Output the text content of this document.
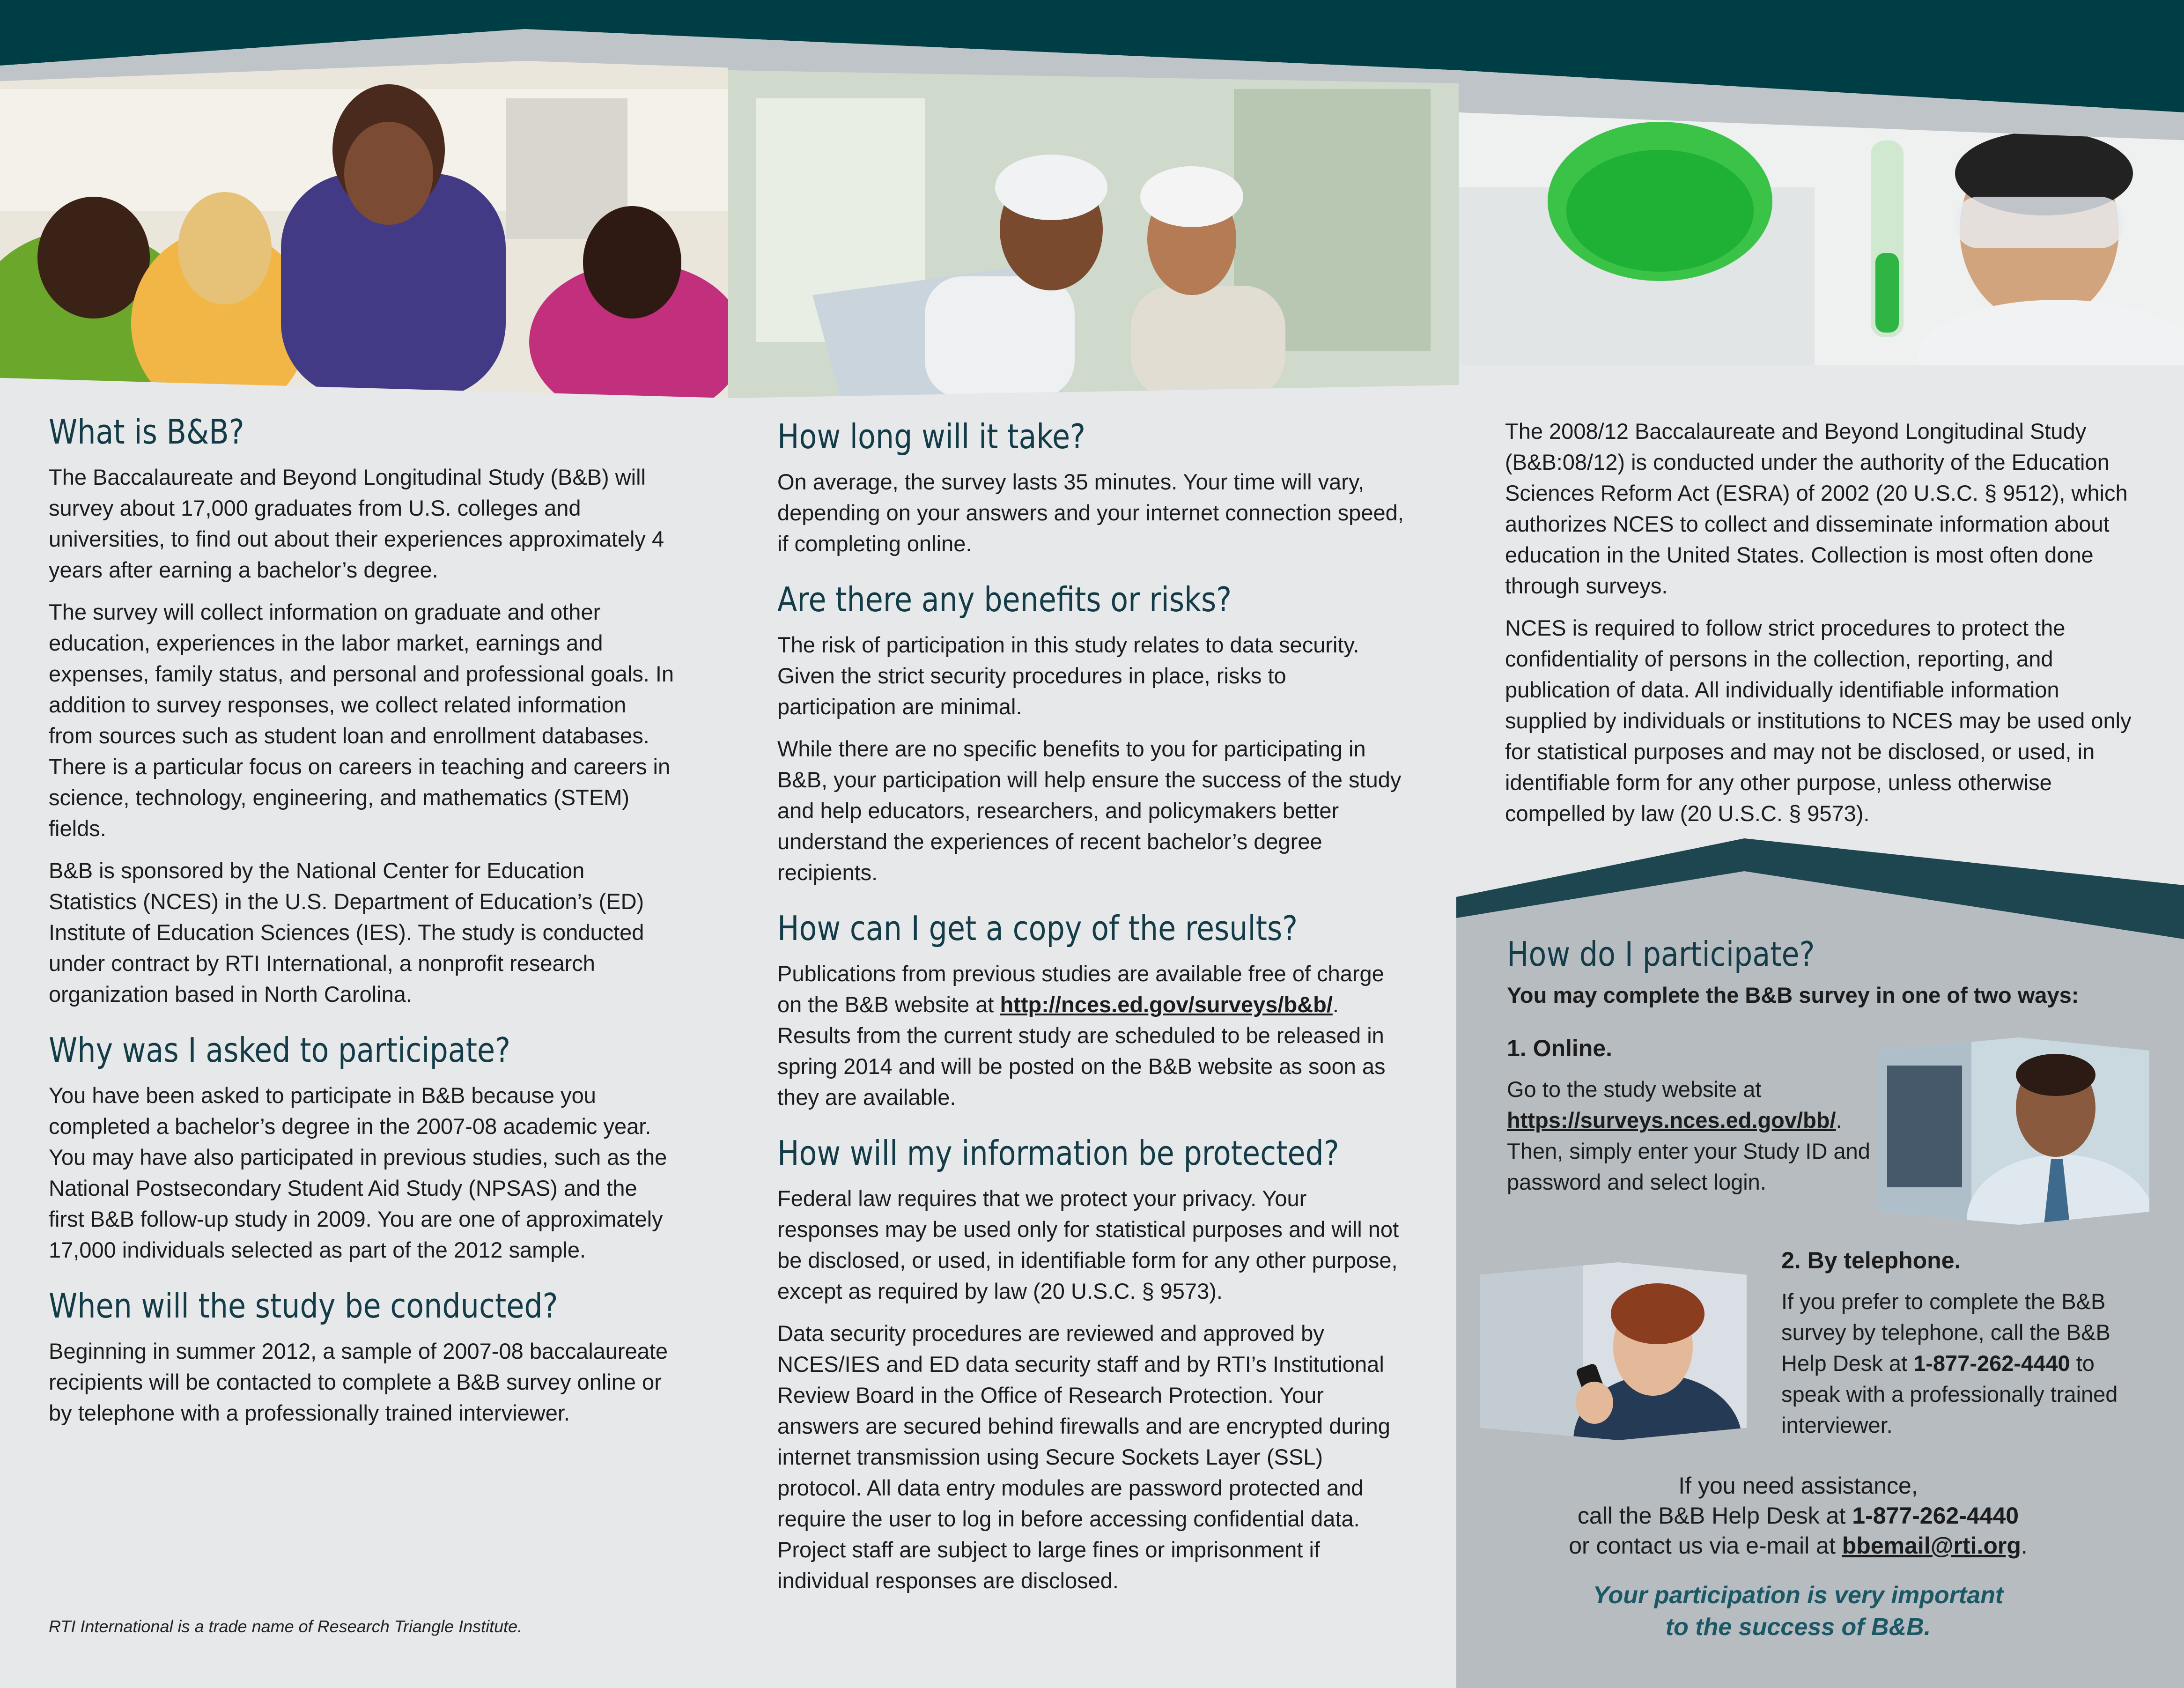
What is B&B?

The Baccalaureate and Beyond Longitudinal Study (B&B) will survey about 17,000 graduates from U.S. colleges and universities, to find out about their experiences approximately 4 years after earning a bachelor’s degree.

The survey will collect information on graduate and other education, experiences in the labor market, earnings and expenses, family status, and personal and professional goals. In addition to survey responses, we collect related information from sources such as student loan and enrollment databases. There is a particular focus on careers in teaching and careers in science, technology, engineering, and mathematics (STEM) fields.

B&B is sponsored by the National Center for Education Statistics (NCES) in the U.S. Department of Education’s (ED) Institute of Education Sciences (IES). The study is conducted under contract by RTI International, a nonprofit research organization based in North Carolina.

Why was I asked to participate?

You have been asked to participate in B&B because you completed a bachelor’s degree in the 2007-08 academic year. You may have also participated in previous studies, such as the National Postsecondary Student Aid Study (NPSAS) and the first B&B follow-up study in 2009. You are one of approximately 17,000 individuals selected as part of the 2012 sample.

When will the study be conducted?

Beginning in summer 2012, a sample of 2007-08 baccalaureate recipients will be contacted to complete a B&B survey online or by telephone with a professionally trained interviewer.

RTI International is a trade name of Research Triangle Institute.
How long will it take?

On average, the survey lasts 35 minutes. Your time will vary, depending on your answers and your internet connection speed, if completing online.

Are there any benefits or risks?

The risk of participation in this study relates to data security. Given the strict security procedures in place, risks to participation are minimal.

While there are no specific benefits to you for participating in B&B, your participation will help ensure the success of the study and help educators, researchers, and policymakers better understand the experiences of recent bachelor’s degree recipients.

How can I get a copy of the results?

Publications from previous studies are available free of charge on the B&B website at http://nces.ed.gov/surveys/b&b/. Results from the current study are scheduled to be released in spring 2014 and will be posted on the B&B website as soon as they are available.

How will my information be protected?

Federal law requires that we protect your privacy. Your responses may be used only for statistical purposes and will not be disclosed, or used, in identifiable form for any other purpose, except as required by law (20 U.S.C. § 9573).

Data security procedures are reviewed and approved by NCES/IES and ED data security staff and by RTI’s Institutional Review Board in the Office of Research Protection. Your answers are secured behind firewalls and are encrypted during internet transmission using Secure Sockets Layer (SSL) protocol. All data entry modules are password protected and require the user to log in before accessing confidential data. Project staff are subject to large fines or imprisonment if individual responses are disclosed.

The 2008/12 Baccalaureate and Beyond Longitudinal Study (B&B:08/12) is conducted under the authority of the Education Sciences Reform Act (ESRA) of 2002 (20 U.S.C. § 9512), which authorizes NCES to collect and disseminate information about education in the United States. Collection is most often done through surveys.

NCES is required to follow strict procedures to protect the confidentiality of persons in the collection, reporting, and publication of data. All individually identifiable information supplied by individuals or institutions to NCES may be used only for statistical purposes and may not be disclosed, or used, in identifiable form for any other purpose, unless otherwise compelled by law (20 U.S.C. § 9573).

How do I participate?
You may complete the B&B survey in one of two ways:
1. Online.

Go to the study website at https://surveys.nces.ed.gov/bb/. Then, simply enter your Study ID and password and select login.

2. By telephone.

If you prefer to complete the B&B survey by telephone, call the B&B Help Desk at 1-877-262-4440 to speak with a professionally trained interviewer.

If you need assistance,

call the B&B Help Desk at 1-877-262-4440

or contact us via e-mail at bbemail@rti.org.

Your participation is very important
to the success of B&B.
